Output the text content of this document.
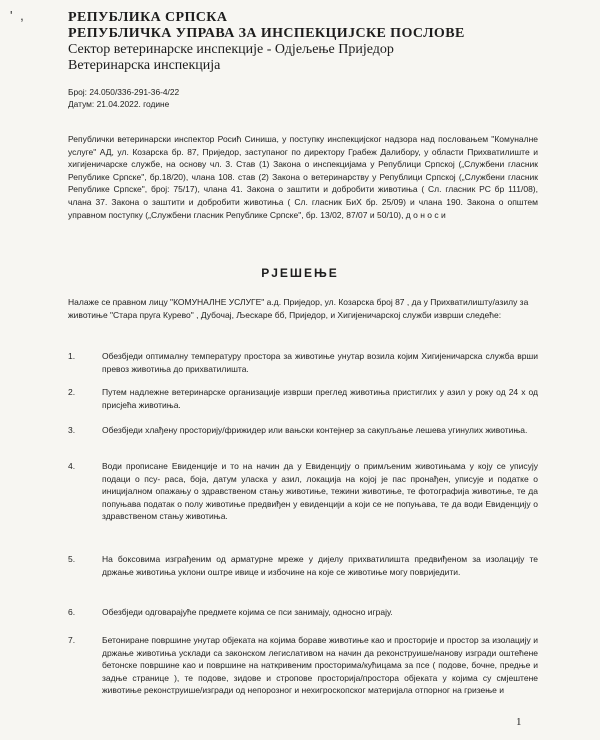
' ,	РЕПУБЛИКА СРПСКА
РЕПУБЛИЧКА УПРАВА ЗА ИНСПЕКЦИЈСКЕ ПОСЛОВЕ
Сектор ветеринарске инспекције - Одјељење Приједор
Ветеринарска инспекција
Број: 24.050/336-291-36-4/22
Датум: 21.04.2022. године
Републички ветеринарски инспектор Росић Синиша, у поступку инспекцијског надзора над пословањем "Комуналне услуге" АД, ул. Козарска бр. 87, Приједор, заступаног по директору Грабеж Далибору, у области Прихватилиште и хигијеничарске службе, на основу чл. 3. Став (1) Закона о инспекцијама у Републици Српској („Службени гласник Републике Српске", бр.18/20), члана 108. став (2) Закона о ветеринарству у Републици Српској („Службени гласник Републике Српске", број: 75/17), члана 41. Закона о заштити и добробити животиња ( Сл. гласник РС бр 111/08), члана 37. Закона о заштити и добробити животиња ( Сл. гласник БиХ бр. 25/09) и члана 190. Закона о општем управном поступку („Службени гласник Републике Српске", бр. 13/02, 87/07 и 50/10), д о н о с и
РЈЕШЕЊЕ
Налаже се правном лицу "КОМУНАЛНЕ УСЛУГЕ" а.д. Приједор, ул. Козарска број 87 , да у Прихватилишту/азилу за животиње "Стара пруга Курево" , Дубочај, Љескаре бб, Приједор, и Хигијеничарској служби изврши следеће:
1.	Обезбједи оптималну температуру простора за животиње унутар возила којим Хигијеничарска служба врши превоз животиња до прихватилишта.
2.	Путем надлежне ветеринарске организације изврши преглед животиња пристиглих у азил у року од 24 х од присјећа животиња.
3.	Обезбједи хлађену просторију/фрижидер или вањски контејнер за сакупљање лешева угинулих животиња.
4.	Води прописане Евиденције и то на начин да у Евиденцију о примљеним животињама у коју се уписују подаци о псу- раса, боја, датум уласка у азил, локација на којој је пас пронађен, уписује и податке о иницијалном опажању о здравственом стању животиње, тежини животиње, те фотографија животиње, те да попуњава податак о полу животиње предвиђен у евиденцији а који се не попуњава, те да води Евиденцију о здравственом стању животиња.
5.	На боксовима изграђеним од арматурне мреже у дијелу прихватилишта предвиђеном за изолацију те држање животиња уклони оштре ивице и избочине на које се животиње могу повриједити.
6.	Обезбједи одговарајуће предмете којима се пси занимају, односно играју.
7.	Бетониране површине унутар објеката на којима бораве животиње као и просторије и простор за изолацију и држање животиња усклади са законском легислативом на начин да реконструише/нанову изгради оштећене бетонске површине као и површине на наткривеним просторима/кућицама за псе ( подове, бочне, предње и задње странице ), те подове, зидове и стропове просторија/простора објеката у којима су смјештене животиње реконструише/изгради од непорозног и нехигроскопског материјала отпорног на гризење и
1
